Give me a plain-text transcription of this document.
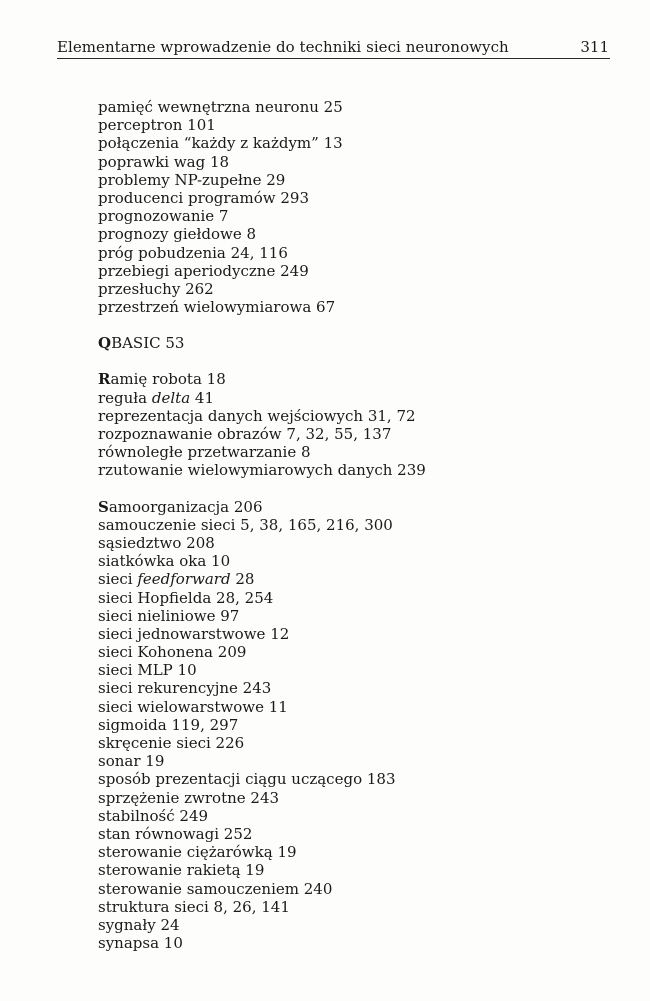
Elementarne wprowadzenie do techniki sieci neuronowych	311
pamięć wewnętrzna neuronu 25
perceptron 101
połączenia “każdy z każdym” 13
poprawki wag 18
problemy NP-zupełne 29
producenci programów 293
prognozowanie 7
prognozy giełdowe 8
próg pobudzenia 24, 116
przebiegi aperiodyczne 249
przesłuchy 262
przestrzeń wielowymiarowa 67
QBASIC 53
Ramię robota 18
reguła delta 41
reprezentacja danych wejściowych 31, 72
rozpoznawanie obrazów 7, 32, 55, 137
równoległe przetwarzanie 8
rzutowanie wielowymiarowych danych 239
Samoorganizacja 206
samouczenie sieci 5, 38, 165, 216, 300
sąsiedztwo 208
siatkówka oka 10
sieci feedforward 28
sieci Hopfielda 28, 254
sieci nieliniowe 97
sieci jednowarstwowe 12
sieci Kohonena 209
sieci MLP 10
sieci rekurencyjne 243
sieci wielowarstwowe 11
sigmoida 119, 297
skręcenie sieci 226
sonar 19
sposób prezentacji ciągu uczącego 183
sprzężenie zwrotne 243
stabilność 249
stan równowagi 252
sterowanie ciężarówką 19
sterowanie rakietą 19
sterowanie samouczeniem 240
struktura sieci 8, 26, 141
sygnały 24
synapsa 10
